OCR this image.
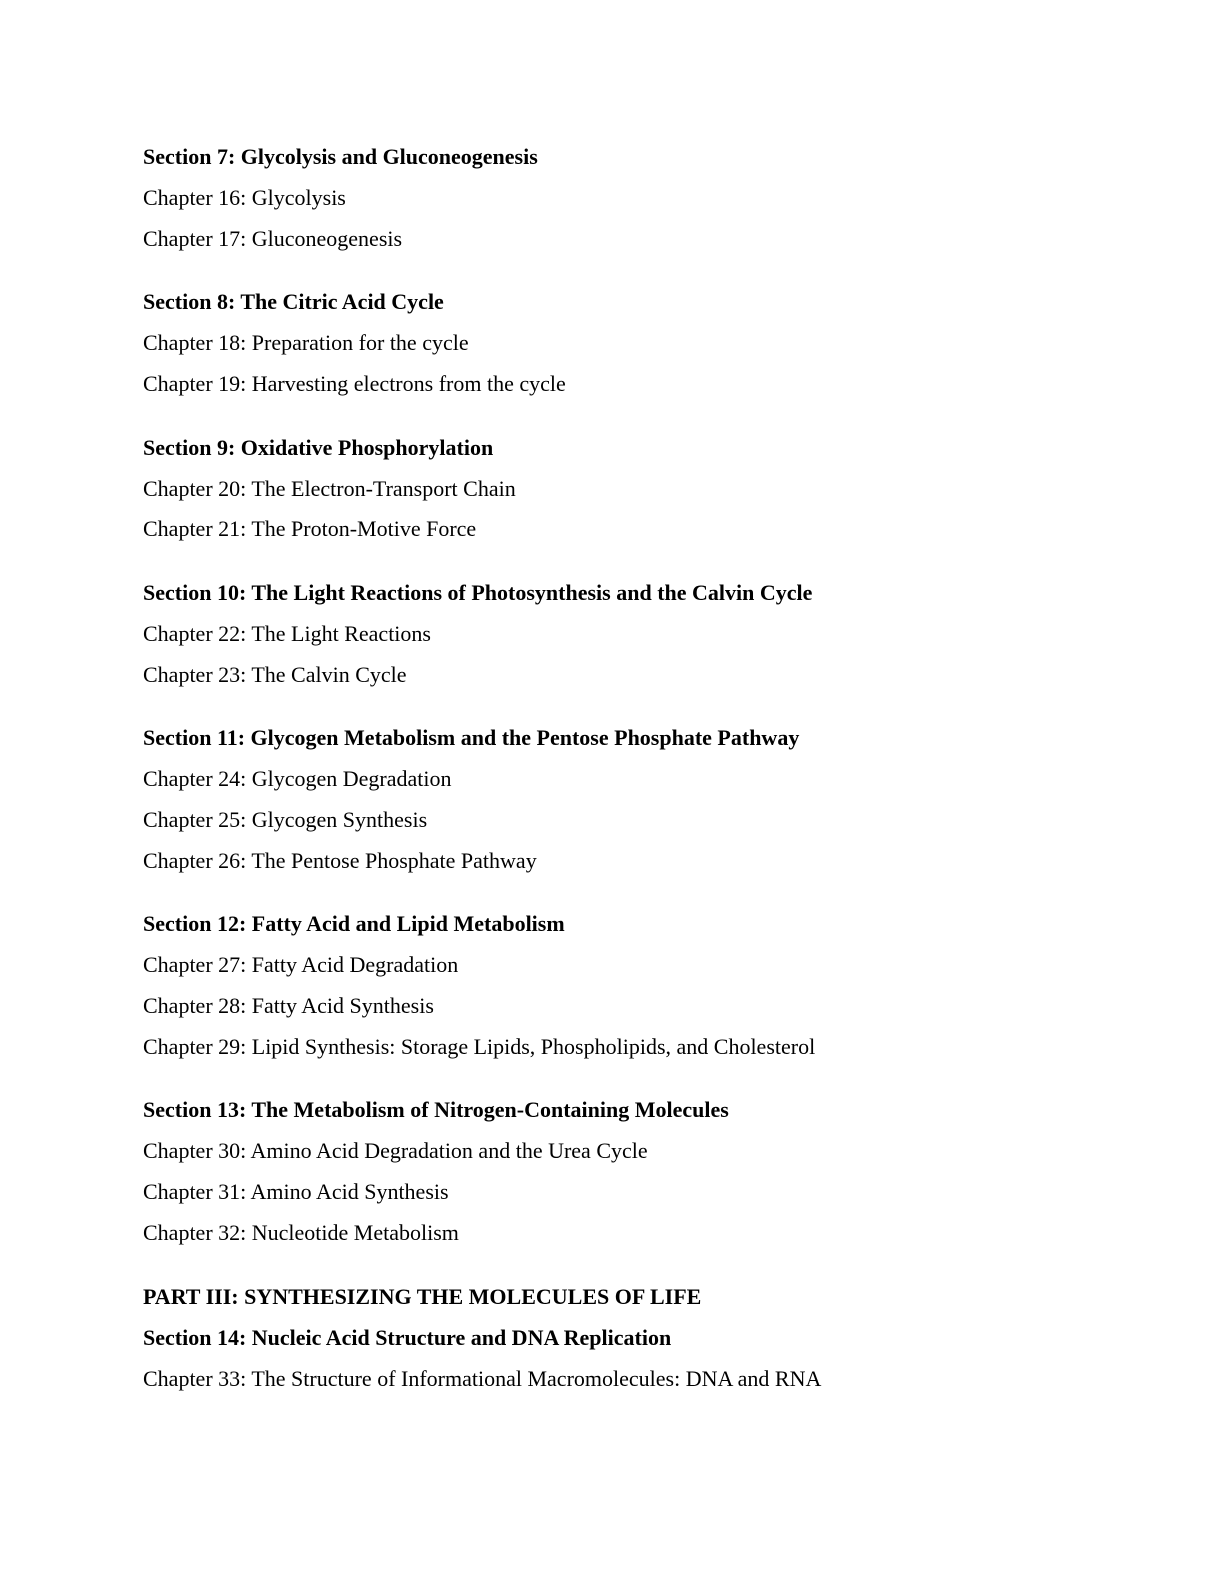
Section 7: Glycolysis and Gluconeogenesis
Chapter 16: Glycolysis
Chapter 17: Gluconeogenesis
Section 8: The Citric Acid Cycle
Chapter 18: Preparation for the cycle
Chapter 19: Harvesting electrons from the cycle
Section 9: Oxidative Phosphorylation
Chapter 20: The Electron-Transport Chain
Chapter 21: The Proton-Motive Force
Section 10: The Light Reactions of Photosynthesis and the Calvin Cycle
Chapter 22: The Light Reactions
Chapter 23: The Calvin Cycle
Section 11: Glycogen Metabolism and the Pentose Phosphate Pathway
Chapter 24: Glycogen Degradation
Chapter 25: Glycogen Synthesis
Chapter 26: The Pentose Phosphate Pathway
Section 12: Fatty Acid and Lipid Metabolism
Chapter 27: Fatty Acid Degradation
Chapter 28: Fatty Acid Synthesis
Chapter 29: Lipid Synthesis: Storage Lipids, Phospholipids, and Cholesterol
Section 13: The Metabolism of Nitrogen-Containing Molecules
Chapter 30: Amino Acid Degradation and the Urea Cycle
Chapter 31: Amino Acid Synthesis
Chapter 32: Nucleotide Metabolism
PART III: SYNTHESIZING THE MOLECULES OF LIFE
Section 14: Nucleic Acid Structure and DNA Replication
Chapter 33: The Structure of Informational Macromolecules: DNA and RNA
